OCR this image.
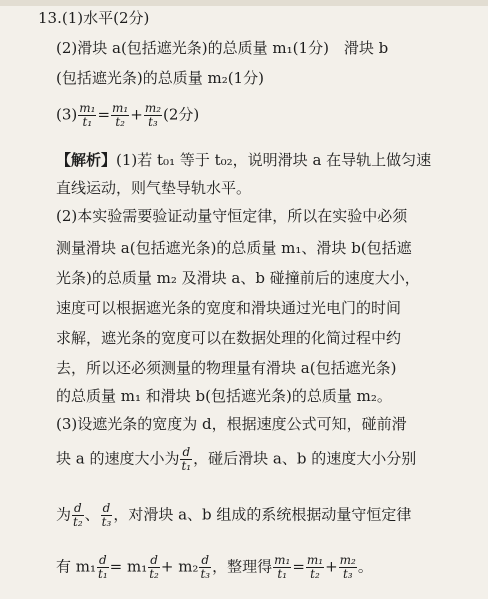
13.(1)水平(2分)
(2)滑块 a(包括遮光条)的总质量 m₁(1分)　滑块 b
(包括遮光条)的总质量 m₂(1分)
$(3) \frac{\text{m₁}}{\text{t₁}} = \frac{\text{m₁}}{\text{t₂}} + \frac{\text{m₂}}{\text{t₃}} (2$分)
【解析】(1)若 t₀₁ 等于 t₀₂，说明滑块 a 在导轨上做匀速
直线运动，则气垫导轨水平。
(2)本实验需要验证动量守恒定律，所以在实验中必须
测量滑块 a(包括遮光条)的总质量 m₁、滑块 b(包括遮
光条)的总质量 m₂ 及滑块 a、b 碰撞前后的速度大小，
速度可以根据遮光条的宽度和滑块通过光电门的时间
求解，遮光条的宽度可以在数据处理的化简过程中约
去，所以还必须测量的物理量有滑块 a(包括遮光条)
的总质量 m₁ 和滑块 b(包括遮光条)的总质量 m₂。
(3)设遮光条的宽度为 d，根据速度公式可知，碰前滑
块 a 的速度大小为 $\frac{d}{\text{t₁}}$ ，碰后滑块 a、b 的速度大小分别
为 $\frac{d}{\text{t₂}}$ 、 $\frac{d}{\text{t₃}}$ ，对滑块 a、b 组成的系统根据动量守恒定律
有 $m_1 \frac{d}{\text{t₁}} = m_1 \frac{d}{\text{t₂}} + m_2 \frac{d}{\text{t₃}}$ ，整理得 $\frac{\text{m₁}}{\text{t₁}} = \frac{\text{m₁}}{\text{t₂}} + \frac{\text{m₂}}{\text{t₃}}$ 。
